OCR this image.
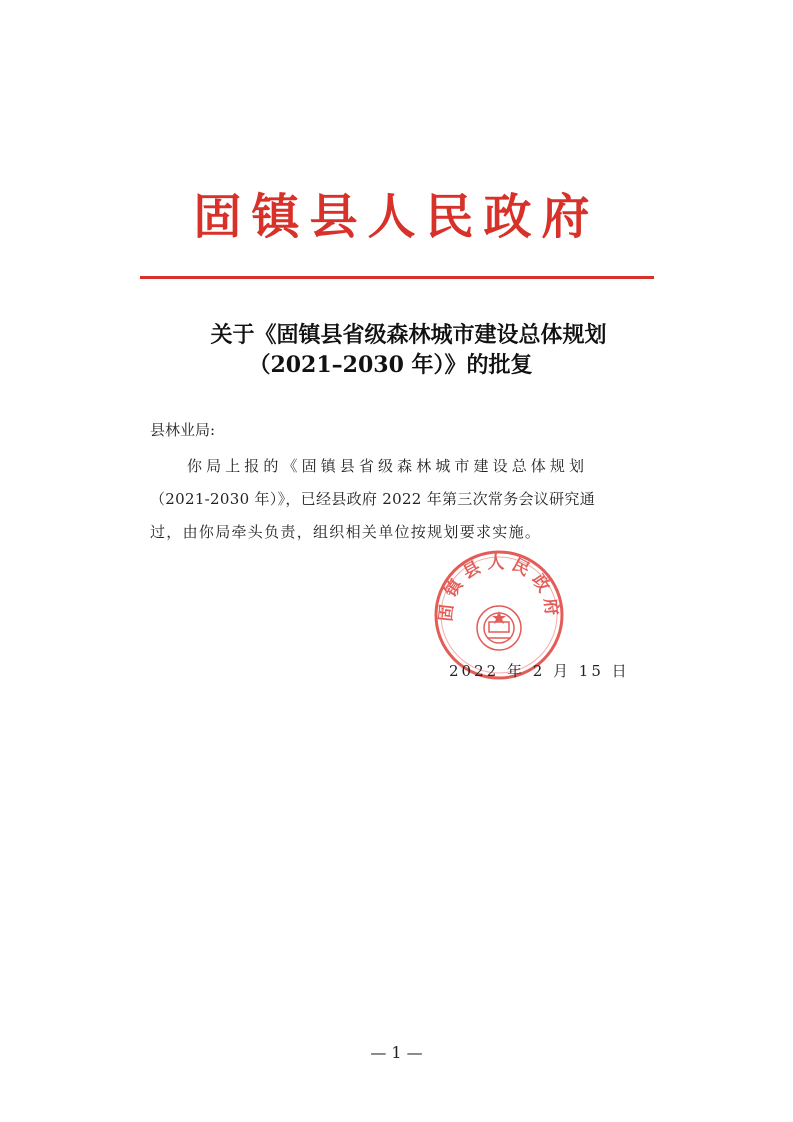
固镇县人民政府
关于《固镇县省级森林城市建设总体规划
（2021–2030 年）》的批复
县林业局:
你局上报的《固镇县省级森林城市建设总体规划
（2021-2030 年）》，已经县政府 2022 年第三次常务会议研究通
过，由你局牵头负责，组织相关单位按规划要求实施。
固镇县人民政府
2022 年 2 月 15 日
— 1 —
